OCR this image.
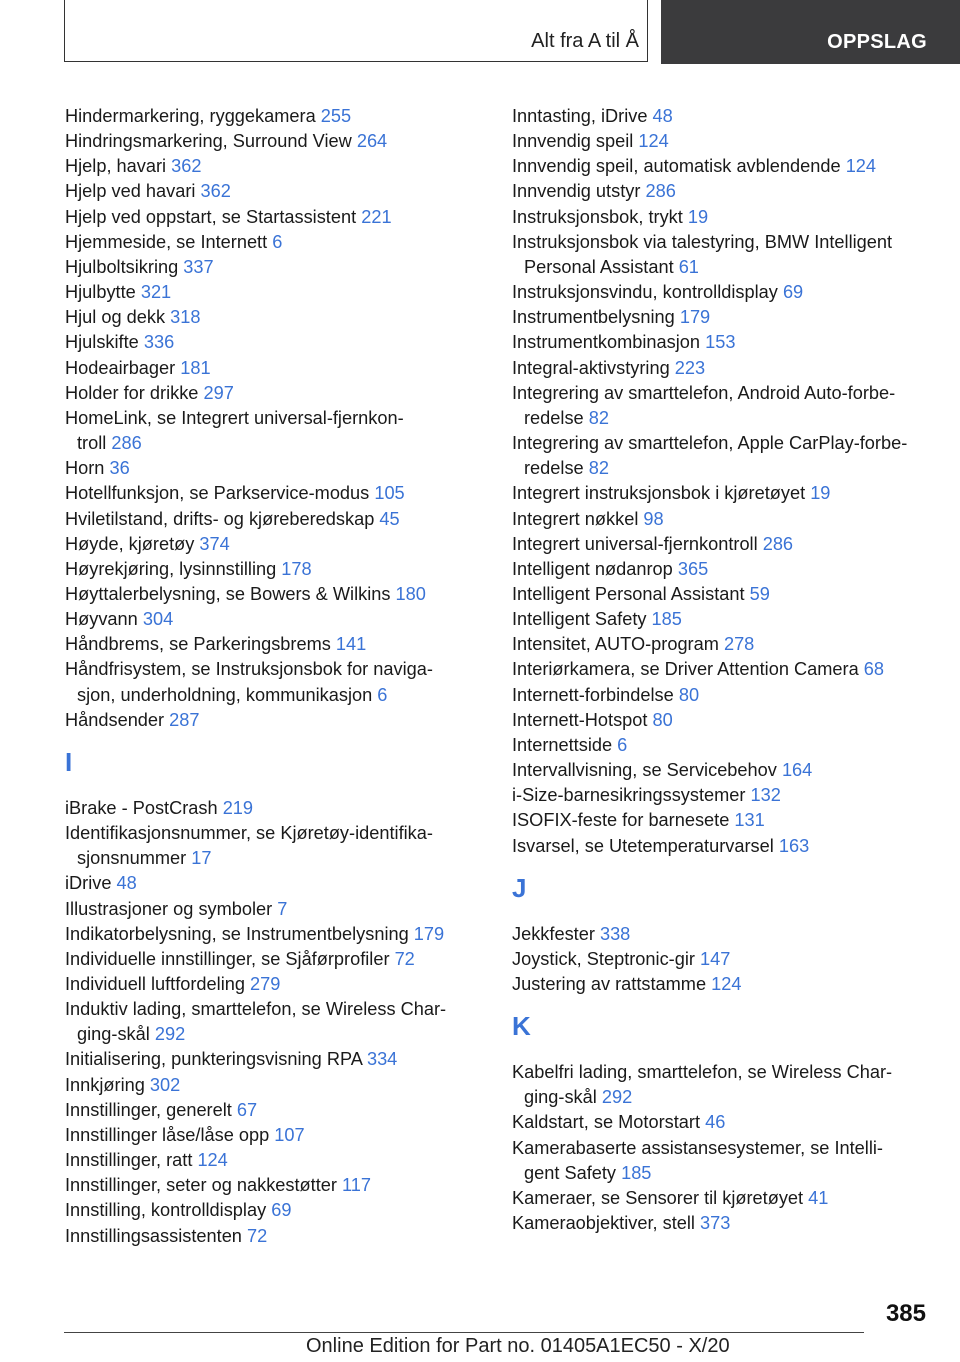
Alt fra A til Å	OPPSLAG
Hindermarkering, ryggekamera 255
Hindringsmarkering, Surround View 264
Hjelp, havari 362
Hjelp ved havari 362
Hjelp ved oppstart, se Startassistent 221
Hjemmeside, se Internett 6
Hjulboltsikring 337
Hjulbytte 321
Hjul og dekk 318
Hjulskifte 336
Hodeairbager 181
Holder for drikke 297
HomeLink, se Integrert universal-fjernkon-
troll 286
Horn 36
Hotellfunksjon, se Parkservice-modus 105
Hviletilstand, drifts- og kjøreberedskap 45
Høyde, kjøretøy 374
Høyrekjøring, lysinnstilling 178
Høyttalerbelysning, se Bowers & Wilkins 180
Høyvann 304
Håndbrems, se Parkeringsbrems 141
Håndfrisystem, se Instruksjonsbok for naviga-
sjon, underholdning, kommunikasjon 6
Håndsender 287
I
iBrake - PostCrash 219
Identifikasjonsnummer, se Kjøretøy-identifika-
sjonsnummer 17
iDrive 48
Illustrasjoner og symboler 7
Indikatorbelysning, se Instrumentbelysning 179
Individuelle innstillinger, se Sjåførprofiler 72
Individuell luftfordeling 279
Induktiv lading, smarttelefon, se Wireless Char-
ging-skål 292
Initialisering, punkteringsvisning RPA 334
Innkjøring 302
Innstillinger, generelt 67
Innstillinger låse/låse opp 107
Innstillinger, ratt 124
Innstillinger, seter og nakkestøtter 117
Innstilling, kontrolldisplay 69
Innstillingsassistenten 72
Inntasting, iDrive 48
Innvendig speil 124
Innvendig speil, automatisk avblendende 124
Innvendig utstyr 286
Instruksjonsbok, trykt 19
Instruksjonsbok via talestyring, BMW Intelligent
Personal Assistant 61
Instruksjonsvindu, kontrolldisplay 69
Instrumentbelysning 179
Instrumentkombinasjon 153
Integral-aktivstyring 223
Integrering av smarttelefon, Android Auto-forbe-
redelse 82
Integrering av smarttelefon, Apple CarPlay-forbe-
redelse 82
Integrert instruksjonsbok i kjøretøyet 19
Integrert nøkkel 98
Integrert universal-fjernkontroll 286
Intelligent nødanrop 365
Intelligent Personal Assistant 59
Intelligent Safety 185
Intensitet, AUTO-program 278
Interiørkamera, se Driver Attention Camera 68
Internett-forbindelse 80
Internett-Hotspot 80
Internettside 6
Intervallvisning, se Servicebehov 164
i-Size-barnesikringssystemer 132
ISOFIX-feste for barnesete 131
Isvarsel, se Utetemperaturvarsel 163
J
Jekkfester 338
Joystick, Steptronic-gir 147
Justering av rattstamme 124
K
Kabelfri lading, smarttelefon, se Wireless Char-
ging-skål 292
Kaldstart, se Motorstart 46
Kamerabaserte assistansesystemer, se Intelli-
gent Safety 185
Kameraer, se Sensorer til kjøretøyet 41
Kameraobjektiver, stell 373
385
Online Edition for Part no. 01405A1EC50 - X/20
